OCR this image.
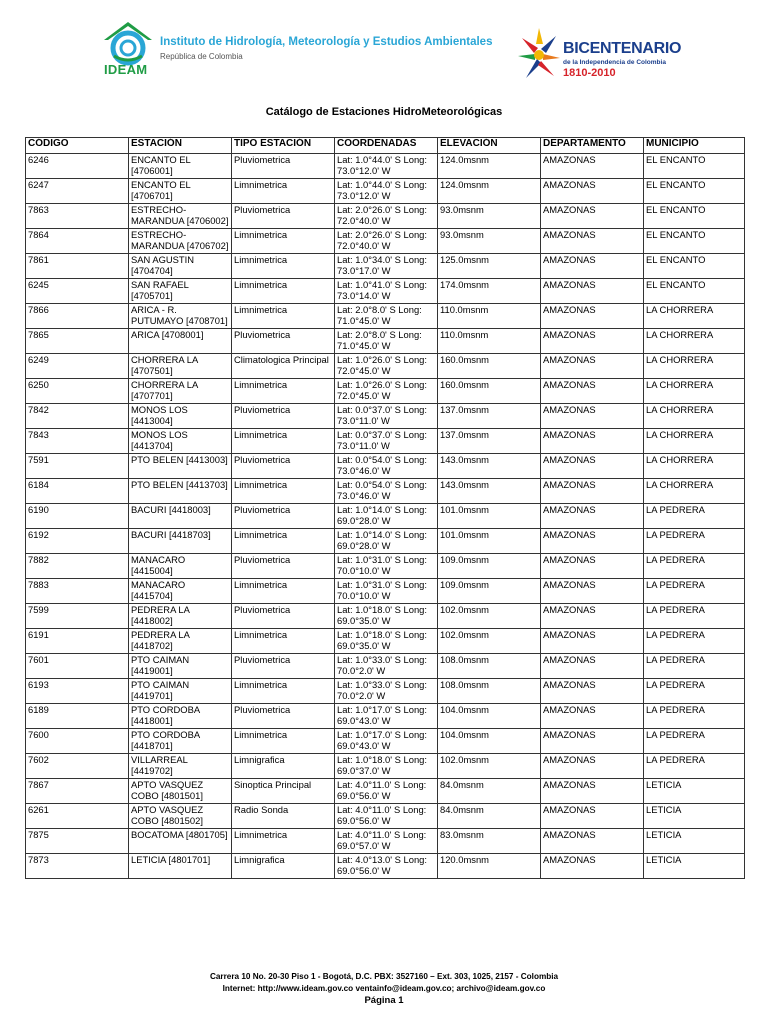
IDEAM
Instituto de Hidrología, Meteorología y Estudios Ambientales
República de Colombia	BICENTENARIO
de la Independencia de Colombia
1810-2010
Catálogo de Estaciones HidroMeteorológicas
CÓDIGO	ESTACIÓN	TIPO ESTACIÓN	COORDENADAS	ELEVACIÓN	DEPARTAMENTO	MUNICIPIO
6246	ENCANTO EL [4706001]	Pluviometrica	Lat: 1.0°44.0' S Long: 73.0°12.0' W	124.0msnm	AMAZONAS	EL ENCANTO
6247	ENCANTO EL [4706701]	Limnimetrica	Lat: 1.0°44.0' S Long: 73.0°12.0' W	124.0msnm	AMAZONAS	EL ENCANTO
7863	ESTRECHO-MARANDUA [4706002]	Pluviometrica	Lat: 2.0°26.0' S Long: 72.0°40.0' W	93.0msnm	AMAZONAS	EL ENCANTO
7864	ESTRECHO-MARANDUA [4706702]	Limnimetrica	Lat: 2.0°26.0' S Long: 72.0°40.0' W	93.0msnm	AMAZONAS	EL ENCANTO
7861	SAN AGUSTIN [4704704]	Limnimetrica	Lat: 1.0°34.0' S Long: 73.0°17.0' W	125.0msnm	AMAZONAS	EL ENCANTO
6245	SAN RAFAEL [4705701]	Limnimetrica	Lat: 1.0°41.0' S Long: 73.0°14.0' W	174.0msnm	AMAZONAS	EL ENCANTO
7866	ARICA - R. PUTUMAYO [4708701]	Limnimetrica	Lat: 2.0°8.0' S Long: 71.0°45.0' W	110.0msnm	AMAZONAS	LA CHORRERA
7865	ARICA [4708001]	Pluviometrica	Lat: 2.0°8.0' S Long: 71.0°45.0' W	110.0msnm	AMAZONAS	LA CHORRERA
6249	CHORRERA LA [4707501]	Climatologica Principal	Lat: 1.0°26.0' S Long: 72.0°45.0' W	160.0msnm	AMAZONAS	LA CHORRERA
6250	CHORRERA LA [4707701]	Limnimetrica	Lat: 1.0°26.0' S Long: 72.0°45.0' W	160.0msnm	AMAZONAS	LA CHORRERA
7842	MONOS LOS [4413004]	Pluviometrica	Lat: 0.0°37.0' S Long: 73.0°11.0' W	137.0msnm	AMAZONAS	LA CHORRERA
7843	MONOS LOS [4413704]	Limnimetrica	Lat: 0.0°37.0' S Long: 73.0°11.0' W	137.0msnm	AMAZONAS	LA CHORRERA
7591	PTO BELEN [4413003]	Pluviometrica	Lat: 0.0°54.0' S Long: 73.0°46.0' W	143.0msnm	AMAZONAS	LA CHORRERA
6184	PTO BELEN [4413703]	Limnimetrica	Lat: 0.0°54.0' S Long: 73.0°46.0' W	143.0msnm	AMAZONAS	LA CHORRERA
6190	BACURI [4418003]	Pluviometrica	Lat: 1.0°14.0' S Long: 69.0°28.0' W	101.0msnm	AMAZONAS	LA PEDRERA
6192	BACURI [4418703]	Limnimetrica	Lat: 1.0°14.0' S Long: 69.0°28.0' W	101.0msnm	AMAZONAS	LA PEDRERA
7882	MANACARO [4415004]	Pluviometrica	Lat: 1.0°31.0' S Long: 70.0°10.0' W	109.0msnm	AMAZONAS	LA PEDRERA
7883	MANACARO [4415704]	Limnimetrica	Lat: 1.0°31.0' S Long: 70.0°10.0' W	109.0msnm	AMAZONAS	LA PEDRERA
7599	PEDRERA LA [4418002]	Pluviometrica	Lat: 1.0°18.0' S Long: 69.0°35.0' W	102.0msnm	AMAZONAS	LA PEDRERA
6191	PEDRERA LA [4418702]	Limnimetrica	Lat: 1.0°18.0' S Long: 69.0°35.0' W	102.0msnm	AMAZONAS	LA PEDRERA
7601	PTO CAIMAN [4419001]	Pluviometrica	Lat: 1.0°33.0' S Long: 70.0°2.0' W	108.0msnm	AMAZONAS	LA PEDRERA
6193	PTO CAIMAN [4419701]	Limnimetrica	Lat: 1.0°33.0' S Long: 70.0°2.0' W	108.0msnm	AMAZONAS	LA PEDRERA
6189	PTO CORDOBA [4418001]	Pluviometrica	Lat: 1.0°17.0' S Long: 69.0°43.0' W	104.0msnm	AMAZONAS	LA PEDRERA
7600	PTO CORDOBA [4418701]	Limnimetrica	Lat: 1.0°17.0' S Long: 69.0°43.0' W	104.0msnm	AMAZONAS	LA PEDRERA
7602	VILLARREAL [4419702]	Limnigrafica	Lat: 1.0°18.0' S Long: 69.0°37.0' W	102.0msnm	AMAZONAS	LA PEDRERA
7867	APTO VASQUEZ COBO [4801501]	Sinoptica Principal	Lat: 4.0°11.0' S Long: 69.0°56.0' W	84.0msnm	AMAZONAS	LETICIA
6261	APTO VASQUEZ COBO [4801502]	Radio Sonda	Lat: 4.0°11.0' S Long: 69.0°56.0' W	84.0msnm	AMAZONAS	LETICIA
7875	BOCATOMA [4801705]	Limnimetrica	Lat: 4.0°11.0' S Long: 69.0°57.0' W	83.0msnm	AMAZONAS	LETICIA
7873	LETICIA [4801701]	Limnigrafica	Lat: 4.0°13.0' S Long: 69.0°56.0' W	120.0msnm	AMAZONAS	LETICIA
Carrera 10 No. 20-30 Piso 1 - Bogotá, D.C. PBX: 3527160 – Ext. 303, 1025, 2157 - Colombia
Internet: http://www.ideam.gov.co ventainfo@ideam.gov.co; archivo@ideam.gov.co
Página 1
